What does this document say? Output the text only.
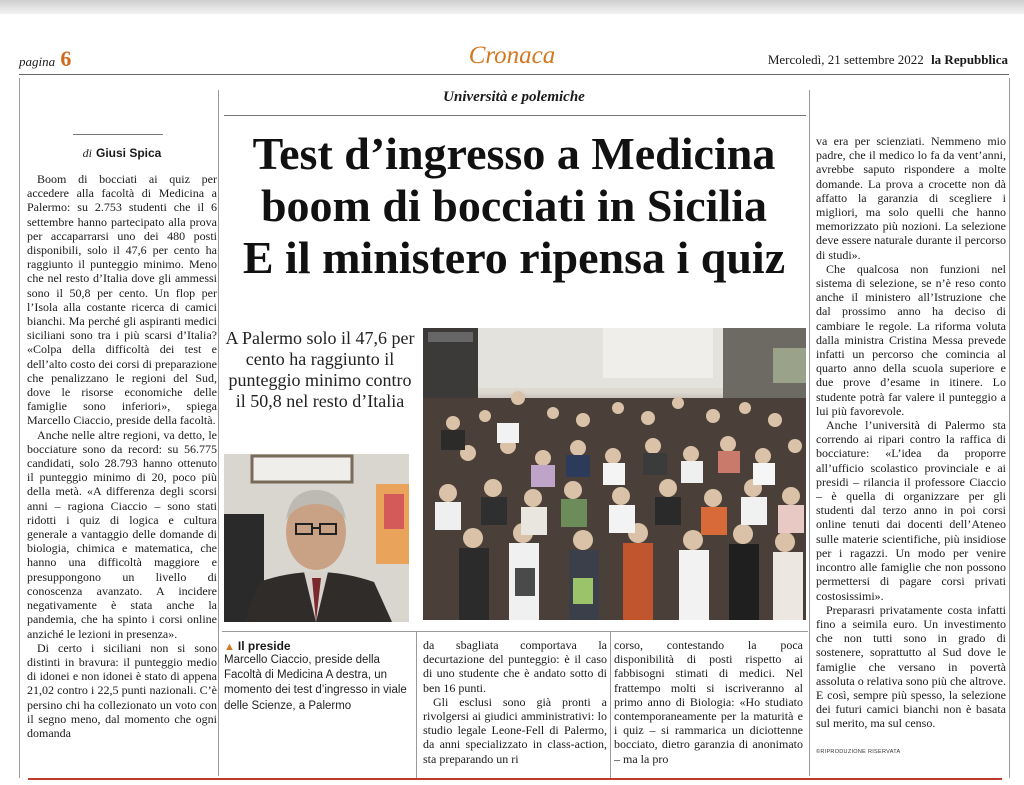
pagina 6	Cronaca	Mercoledì, 21 settembre 2022 la Repubblica
di Giusi Spica

Boom di bocciati ai quiz per accedere alla facoltà di Medicina a Palermo: su 2.753 studenti che il 6 settembre hanno partecipato alla prova per accaparrarsi uno dei 480 posti disponibili, solo il 47,6 per cento ha raggiunto il punteggio minimo. Meno che nel resto d’Italia dove gli ammessi sono il 50,8 per cento. Un flop per l’Isola alla costante ricerca di camici bianchi. Ma perché gli aspiranti medici siciliani sono tra i più scarsi d’Italia? «Colpa della difficoltà dei test e dell’alto costo dei corsi di preparazione che penalizzano le regioni del Sud, dove le risorse economiche delle famiglie sono inferiori», spiega Marcello Ciaccio, preside della facoltà.

Anche nelle altre regioni, va detto, le bocciature sono da record: su 56.775 candidati, solo 28.793 hanno ottenuto il punteggio minimo di 20, poco più della metà. «A differenza degli scorsi anni – ragiona Ciaccio – sono stati ridotti i quiz di logica e cultura generale a vantaggio delle domande di biologia, chimica e matematica, che hanno una difficoltà maggiore e presuppongono un livello di conoscenza avanzato. A incidere negativamente è stata anche la pandemia, che ha spinto i corsi online anziché le lezioni in presenza».

Di certo i siciliani non si sono distinti in bravura: il punteggio medio di idonei e non idonei è stato di appena 21,02 contro i 22,5 punti nazionali. C’è persino chi ha collezionato un voto con il segno meno, dal momento che ogni domanda

Università e polemiche
Test d’ingresso a Medicina
boom di bocciati in Sicilia
E il ministero ripensa i quiz
A Palermo solo il 47,6 per cento ha raggiunto il punteggio minimo contro il 50,8 nel resto d’Italia
▲ Il preside

Marcello Ciaccio, preside della Facoltà di Medicina A destra, un momento dei test d’ingresso in viale delle Scienze, a Palermo

da sbagliata comportava la decurtazione del punteggio: è il caso di uno studente che è andato sotto di ben 16 punti.

Gli esclusi sono già pronti a rivolgersi ai giudici amministrativi: lo studio legale Leone-Fell di Palermo, da anni specializzato in class-action, sta preparando un ri

corso, contestando la poca disponibilità di posti rispetto ai fabbisogni stimati di medici. Nel frattempo molti si iscriveranno al primo anno di Biologia: «Ho studiato contemporaneamente per la maturità e i quiz – si rammarica un diciottenne bocciato, dietro garanzia di anonimato – ma la pro

va era per scienziati. Nemmeno mio padre, che il medico lo fa da vent’anni, avrebbe saputo rispondere a molte domande. La prova a crocette non dà affatto la garanzia di scegliere i migliori, ma solo quelli che hanno memorizzato più nozioni. La selezione deve essere naturale durante il percorso di studi».

Che qualcosa non funzioni nel sistema di selezione, se n’è reso conto anche il ministero all’Istruzione che dal prossimo anno ha deciso di cambiare le regole. La riforma voluta dalla ministra Cristina Messa prevede infatti un percorso che comincia al quarto anno della scuola superiore e due prove d’esame in itinere. Lo studente potrà far valere il punteggio a lui più favorevole.

Anche l’università di Palermo sta correndo ai ripari contro la raffica di bocciature: «L’idea da proporre all’ufficio scolastico provinciale e ai presidi – rilancia il professore Ciaccio – è quella di organizzare per gli studenti dal terzo anno in poi corsi online tenuti dai docenti dell’Ateneo sulle materie scientifiche, più insidiose per i ragazzi. Un modo per venire incontro alle famiglie che non possono permettersi di pagare corsi privati costosissimi».

Preparasri privatamente costa infatti fino a seimila euro. Un investimento che non tutti sono in grado di sostenere, soprattutto al Sud dove le famiglie che versano in povertà assoluta o relativa sono più che altrove. E così, sempre più spesso, la selezione dei futuri camici bianchi non è basata sul merito, ma sul censo.

©RIPRODUZIONE RISERVATA
